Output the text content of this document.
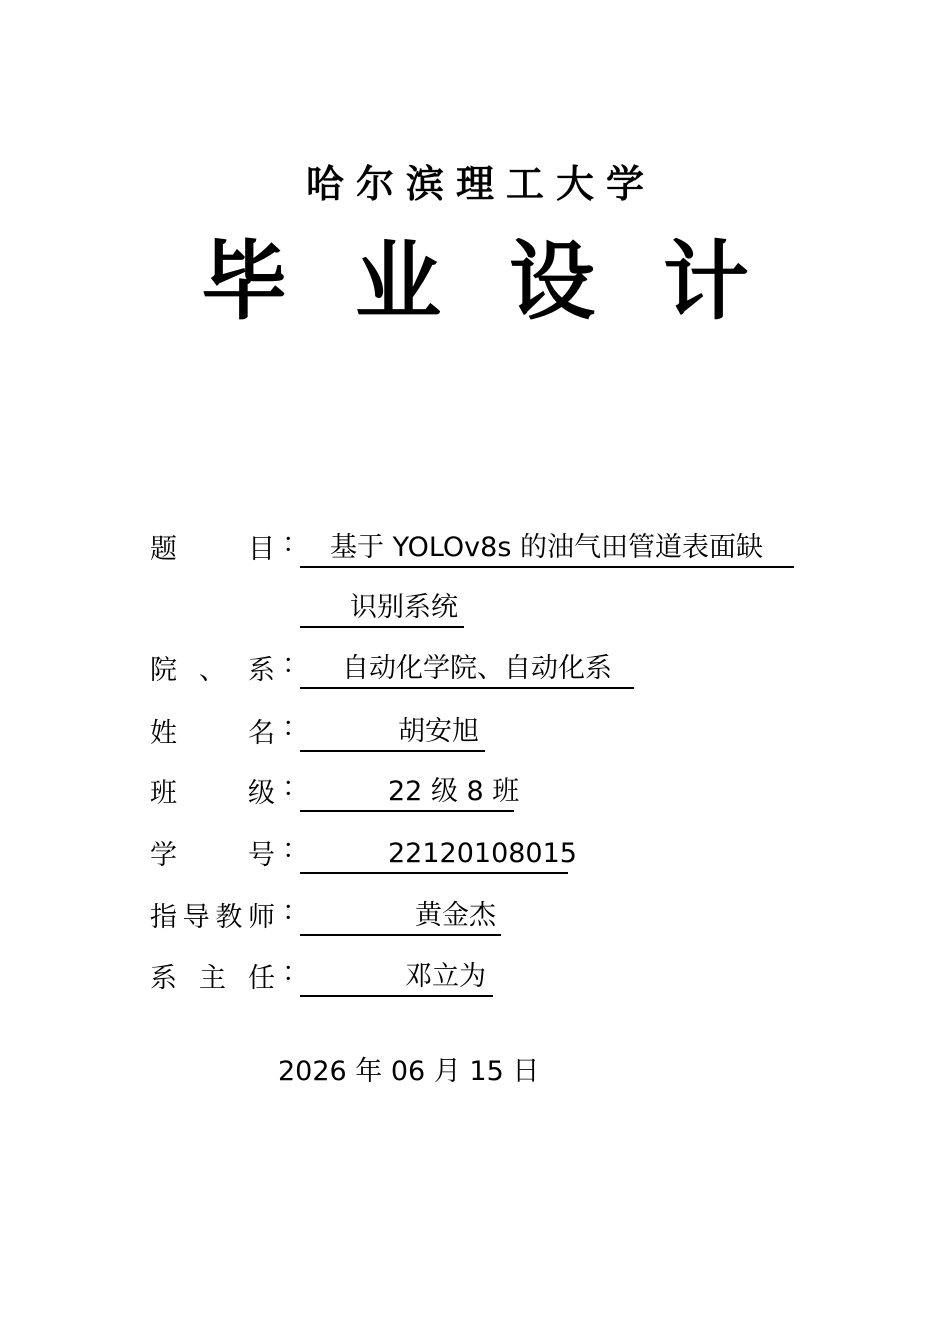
哈尔滨理工大学
毕 业 设 计
题	目 ： 基于 YOLOv8s 的油气田管道表面缺
识别系统
院 、 系 ：	自动化学院、自动化系
姓	名 ：	胡安旭
班	级 ：	22 级 8 班
学	号 ：	22120108015
指 导 教 师 ：	黄金杰
系 主 任 ：	邓立为
2026 年 06 月 15 日
